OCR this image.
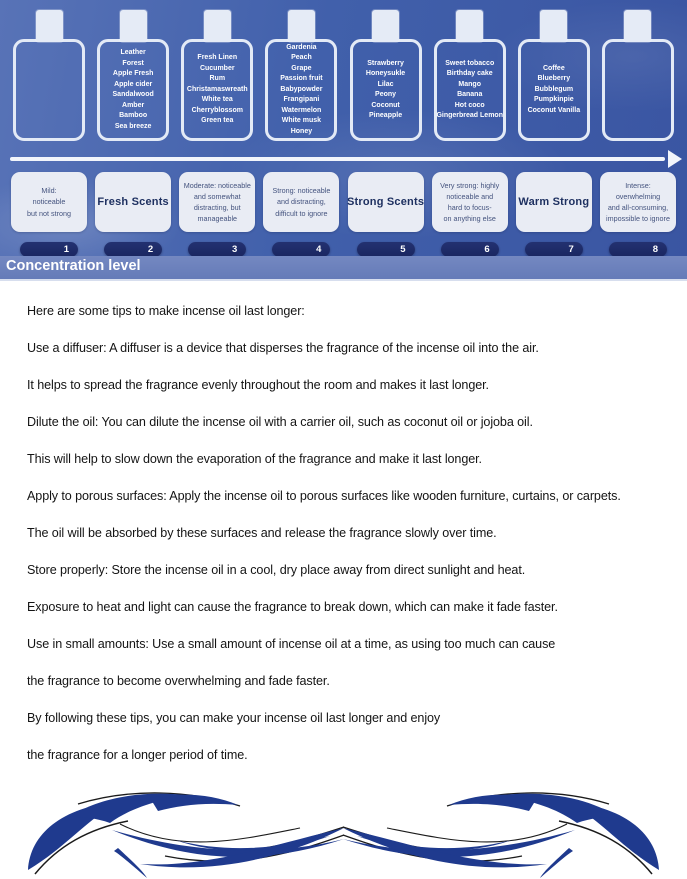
Leather
Forest
Apple Fresh
Apple cider
Sandalwood
Amber
Bamboo
Sea breeze
Fresh Linen
Cucumber
Rum
Christamaswreath
White tea
Cherryblossom
Green tea
Gardenia
Peach
Grape
Passion fruit
Babypowder
Frangipani
Watermelon
White musk
Honey
Strawberry
Honeysukle
Lilac
Peony
Coconut
Pineapple
Sweet tobacco
Birthday cake
Mango
Banana
Hot coco
Gingerbread Lemon
Coffee
Blueberry
Bubblegum
Pumpkinpie
Coconut Vanilla
Mild:
noticeable
but not strong
Fresh Scents
Moderate: noticeable
and somewhat
distracting, but
manageable
Strong: noticeable
and distracting,
difficult to ignore
Strong Scents
Very strong: highly
noticeable and
hard to focus-
on anything else
Warm Strong
Intense:
overwhelming
and all-consuming,
impossible to ignore
1	2	3	4	5	6	7	8
Concentration level
Here are some tips to make incense oil last longer:
Use a diffuser: A diffuser is a device that disperses the fragrance of the incense oil into the air.
It helps to spread the fragrance evenly throughout the room and makes it last longer.
Dilute the oil: You can dilute the incense oil with a carrier oil, such as coconut oil or jojoba oil.
This will help to slow down the evaporation of the fragrance and make it last longer.
Apply to porous surfaces: Apply the incense oil to porous surfaces like wooden furniture, curtains, or carpets.
The oil will be absorbed by these surfaces and release the fragrance slowly over time.
Store properly: Store the incense oil in a cool, dry place away from direct sunlight and heat.
Exposure to heat and light can cause the fragrance to break down, which can make it fade faster.
Use in small amounts: Use a small amount of incense oil at a time, as using too much can cause
the fragrance to become overwhelming and fade faster.
By following these tips, you can make your incense oil last longer and enjoy
the fragrance for a longer period of time.
